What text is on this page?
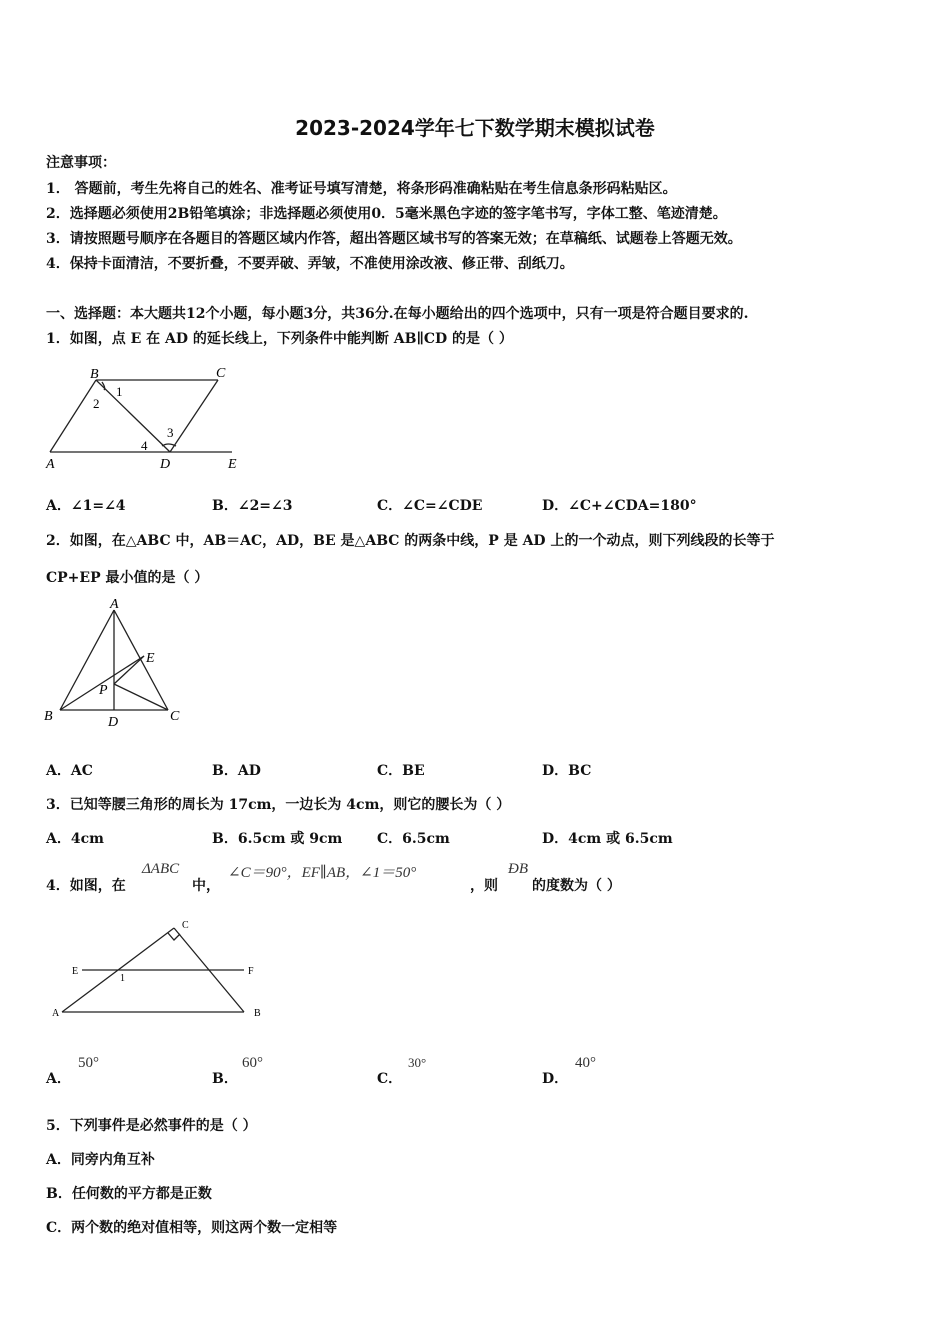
2023-2024学年七下数学期末模拟试卷
注意事项：
1． 答题前，考生先将自己的姓名、准考证号填写清楚，将条形码准确粘贴在考生信息条形码粘贴区。
2．选择题必须使用2B铅笔填涂；非选择题必须使用0．5毫米黑色字迹的签字笔书写，字体工整、笔迹清楚。
3．请按照题号顺序在各题目的答题区域内作答，超出答题区域书写的答案无效；在草稿纸、试题卷上答题无效。
4．保持卡面清洁，不要折叠，不要弄破、弄皱，不准使用涂改液、修正带、刮纸刀。
一、选择题：本大题共12个小题，每小题3分，共36分.在每小题给出的四个选项中，只有一项是符合题目要求的.
1．如图，点 E 在 AD 的延长线上，下列条件中能判断 AB∥CD 的是（ ）
B	C
A	D	E
1
2
3
4
A．∠1=∠4	B．∠2=∠3	C．∠C=∠CDE	D．∠C+∠CDA=180°
2．如图，在△ABC 中，AB＝AC，AD，BE 是△ABC 的两条中线，P 是 AD 上的一个动点，则下列线段的长等于
CP+EP 最小值的是（ ）
A
B	C
D
E
P
A．AC	B．AD	C．BE	D．BC
3．已知等腰三角形的周长为 17cm，一边长为 4cm，则它的腰长为（ ）
A．4cm	B．6.5cm 或 9cm C．6.5cm	D．4cm 或 6.5cm
4．如图，在
ΔABC
中，
∠C＝90°，EF∥AB，∠1＝50°
，则
ÐB
的度数为（ ）
A	B
C
E	F
1
A．
50°
B．
60°
C．
30°
D．
40°
5．下列事件是必然事件的是（ ）
A．同旁内角互补
B．任何数的平方都是正数
C．两个数的绝对值相等，则这两个数一定相等
